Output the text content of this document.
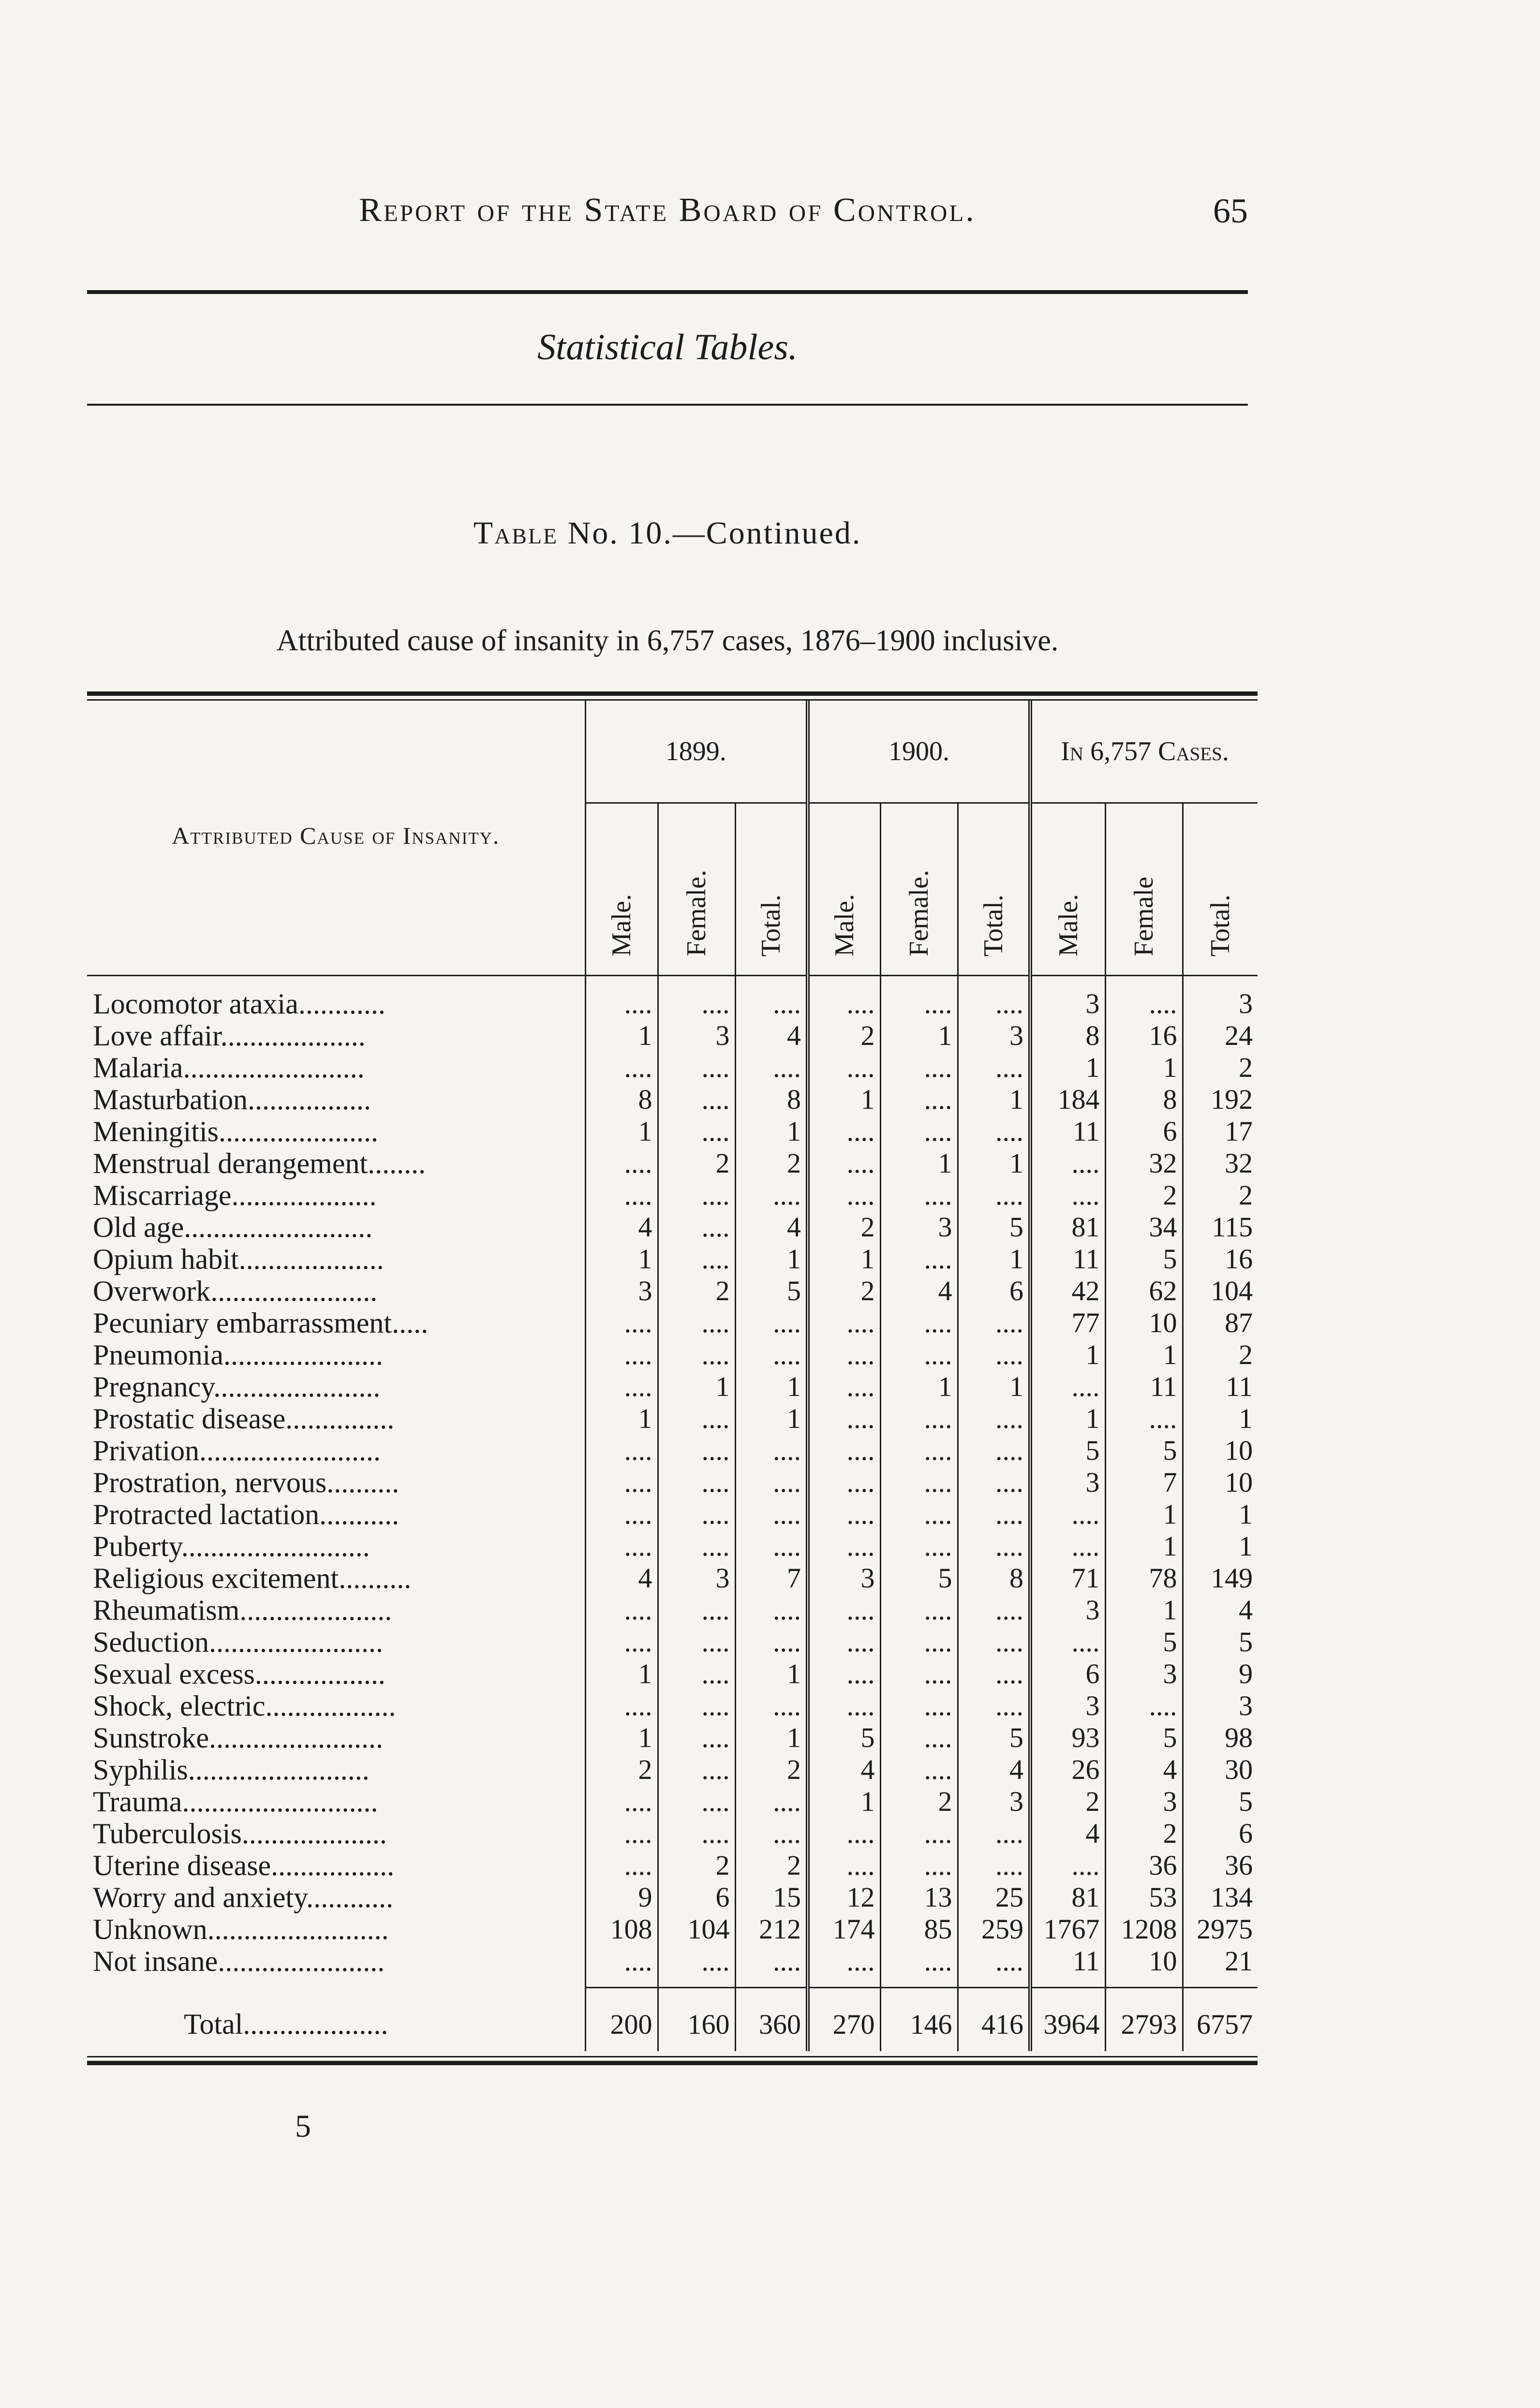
Report of the State Board of Control.	65
Statistical Tables.
Table No. 10.—Continued.
Attributed cause of insanity in 6,757 cases, 1876–1900 inclusive.
Attributed Cause of Insanity.	1899.			1900.			In 6,757 Cases.		

	Male.	Female.	Total.	Male.	Female.	Total.	Male.	Female	Total.
Locomotor ataxia............	....	....	....	....	....	....	3	....	3
Love affair....................	1	3	4	2	1	3	8	16	24
Malaria.........................	....	....	....	....	....	....	1	1	2
Masturbation.................	8	....	8	1	....	1	184	8	192
Meningitis......................	1	....	1	....	....	....	11	6	17
Menstrual derangement........	....	2	2	....	1	1	....	32	32
Miscarriage....................	....	....	....	....	....	....	....	2	2
Old age..........................	4	....	4	2	3	5	81	34	115
Opium habit....................	1	....	1	1	....	1	11	5	16
Overwork.......................	3	2	5	2	4	6	42	62	104
Pecuniary embarrassment.....	....	....	....	....	....	....	77	10	87
Pneumonia......................	....	....	....	....	....	....	1	1	2
Pregnancy.......................	....	1	1	....	1	1	....	11	11
Prostatic disease...............	1	....	1	....	....	....	1	....	1
Privation.........................	....	....	....	....	....	....	5	5	10
Prostration, nervous..........	....	....	....	....	....	....	3	7	10
Protracted lactation...........	....	....	....	....	....	....	....	1	1
Puberty..........................	....	....	....	....	....	....	....	1	1
Religious excitement..........	4	3	7	3	5	8	71	78	149
Rheumatism.....................	....	....	....	....	....	....	3	1	4
Seduction........................	....	....	....	....	....	....	....	5	5
Sexual excess..................	1	....	1	....	....	....	6	3	9
Shock, electric..................	....	....	....	....	....	....	3	....	3
Sunstroke........................	1	....	1	5	....	5	93	5	98
Syphilis.........................	2	....	2	4	....	4	26	4	30
Trauma...........................	....	....	....	1	2	3	2	3	5
Tuberculosis....................	....	....	....	....	....	....	4	2	6
Uterine disease.................	....	2	2	....	....	....	....	36	36
Worry and anxiety............	9	6	15	12	13	25	81	53	134
Unknown.........................	108	104	212	174	85	259	1767	1208	2975
Not insane.......................	....	....	....	....	....	....	11	10	21

Total....................	200	160	360	270	146	416	3964	2793	6757
5
